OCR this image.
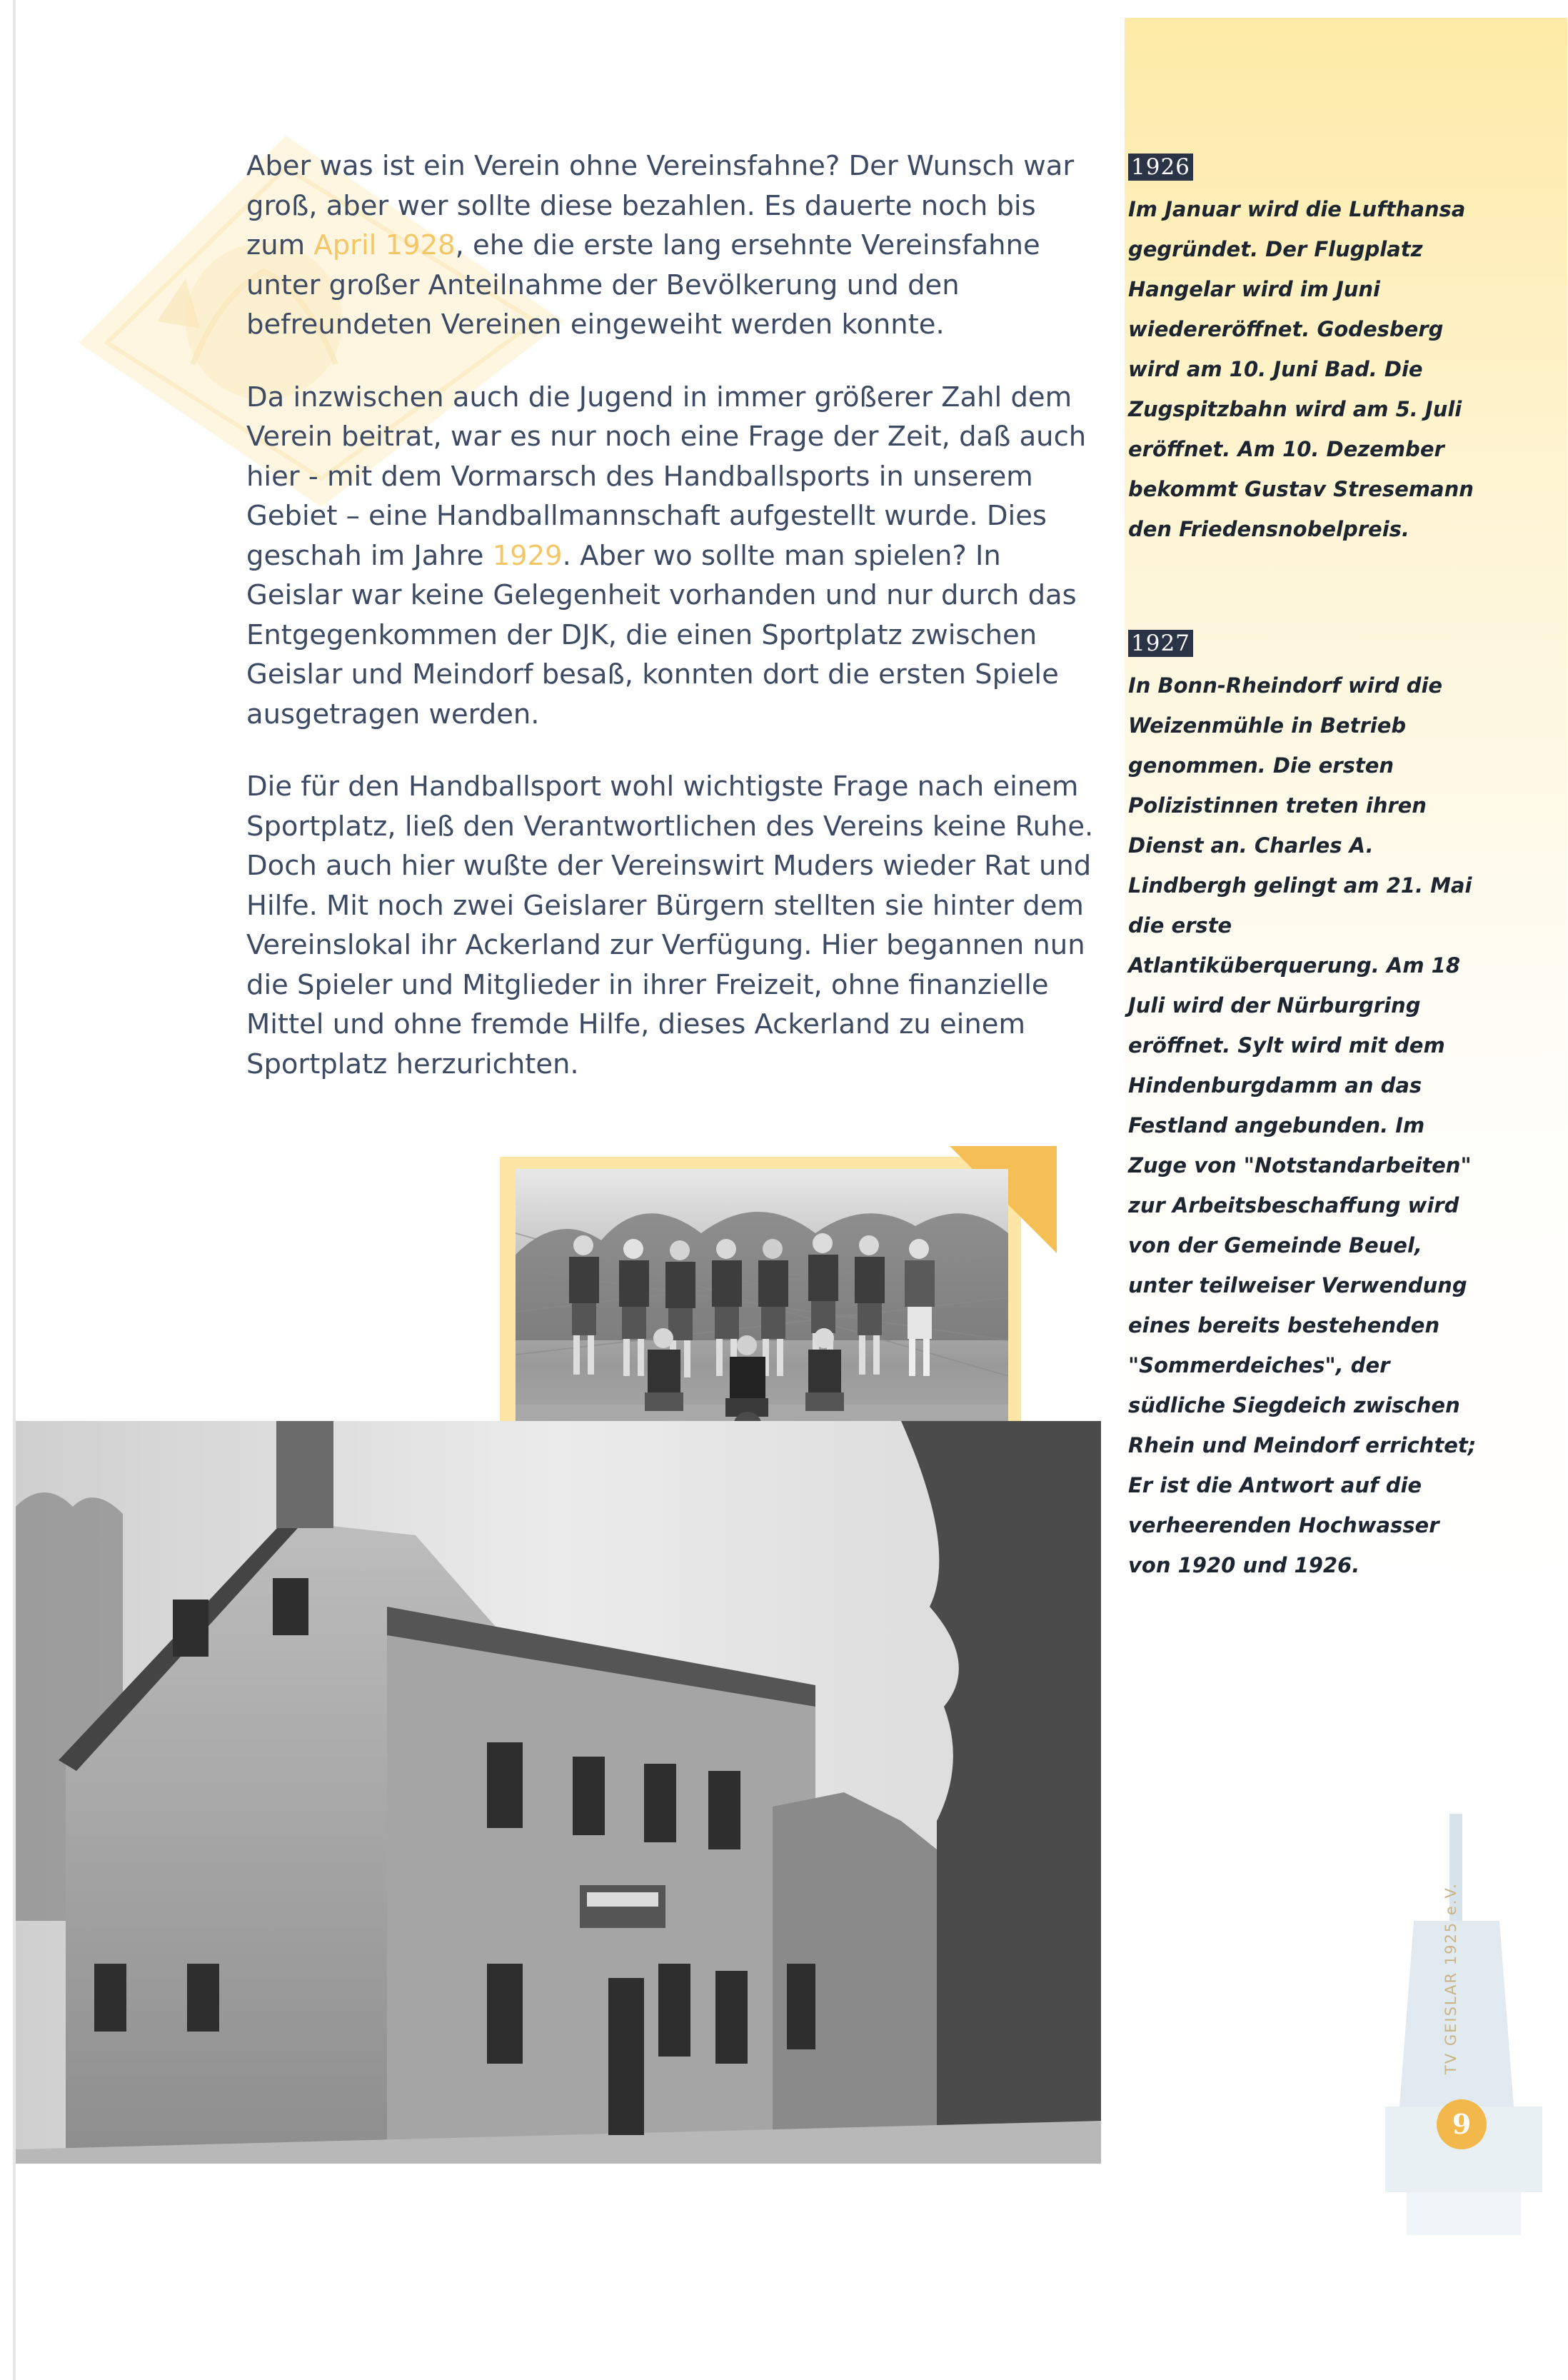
Aber was ist ein Verein ohne Vereinsfahne? Der Wunsch war groß, aber wer sollte diese bezahlen. Es dauerte noch bis zum April 1928, ehe die erste lang ersehnte Vereinsfahne unter großer Anteilnahme der Bevölkerung und den befreundeten Vereinen eingeweiht werden konnte.

Da inzwischen auch die Jugend in immer größerer Zahl dem Verein beitrat, war es nur noch eine Frage der Zeit, daß auch hier - mit dem Vormarsch des Handballsports in unserem Gebiet – eine Handballmannschaft aufgestellt wurde. Dies geschah im Jahre 1929. Aber wo sollte man spielen? In Geislar war keine Gelegenheit vorhanden und nur durch das Entgegenkommen der DJK, die einen Sportplatz zwischen Geislar und Meindorf besaß, konnten dort die ersten Spiele ausgetragen werden.

Die für den Handballsport wohl wichtigste Frage nach einem Sportplatz, ließ den Verantwortlichen des Vereins keine Ruhe. Doch auch hier wußte der Vereinswirt Muders wieder Rat und Hilfe. Mit noch zwei Geislarer Bürgern stellten sie hinter dem Vereinslokal ihr Ackerland zur Verfügung. Hier begannen nun die Spieler und Mitglieder in ihrer Freizeit, ohne finanzielle Mittel und ohne fremde Hilfe, dieses Ackerland zu einem Sportplatz herzurichten.

1926
Im Januar wird die Lufthansa gegründet. Der Flugplatz Hangelar wird im Juni wiedereröffnet. Godesberg wird am 10. Juni Bad. Die Zugspitzbahn wird am 5. Juli eröffnet. Am 10. Dezember bekommt Gustav Stresemann den Friedensnobelpreis.
1927
In Bonn-Rheindorf wird die Weizenmühle in Betrieb genommen. Die ersten Polizistinnen treten ihren Dienst an. Charles A. Lindbergh gelingt am 21. Mai die erste Atlantiküberquerung. Am 18 Juli wird der Nürburgring eröffnet. Sylt wird mit dem Hindenburgdamm an das Festland angebunden. Im Zuge von "Notstandarbeiten" zur Arbeitsbeschaffung wird von der Gemeinde Beuel, unter teilweiser Verwendung eines bereits bestehenden "Sommerdeiches", der südliche Siegdeich zwischen Rhein und Meindorf errichtet; Er ist die Antwort auf die verheerenden Hochwasser von 1920 und 1926.
TV GEISLAR 1925 e.V.
9
